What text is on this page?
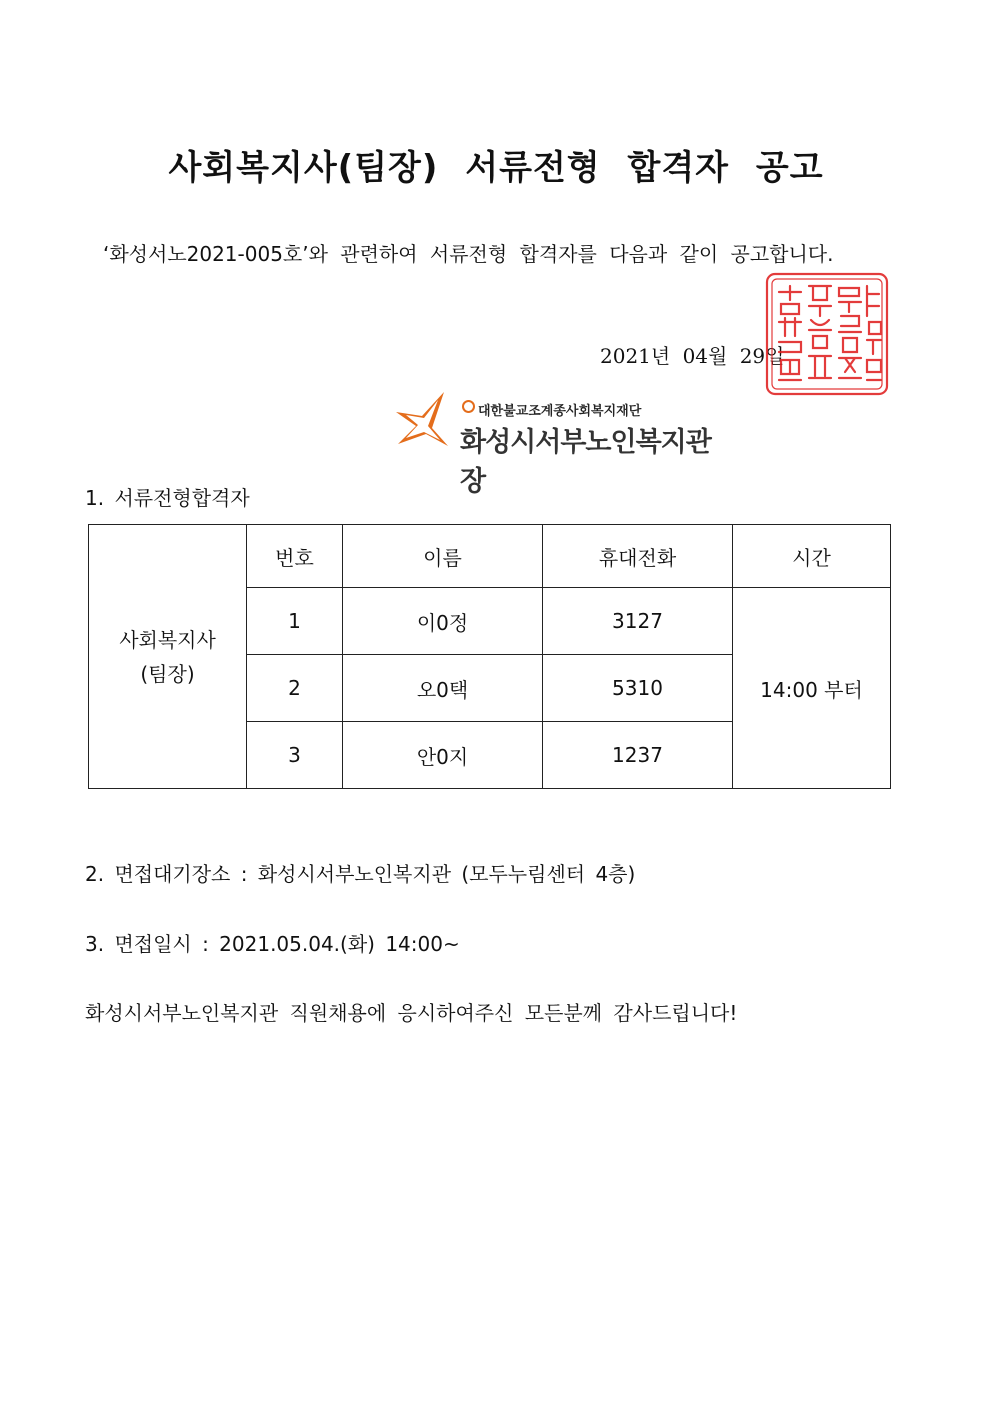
사회복지사(팀장) 서류전형 합격자 공고

‘화성서노2021-005호’와 관련하여 서류전형 합격자를 다음과 같이 공고합니다.

2021년 04월 29일
대한불교조계종사회복지재단
화성시서부노인복지관장
1. 서류전형합격자
사회복지사
(팀장)	번호	이름	휴대전화	시간
	1	이0정	3127	14:00 부터
	2	오0택	5310	
	3	안0지	1237	
2. 면접대기장소 : 화성시서부노인복지관 (모두누림센터 4층)
3. 면접일시 : 2021.05.04.(화) 14:00~
화성시서부노인복지관 직원채용에 응시하여주신 모든분께 감사드립니다!
